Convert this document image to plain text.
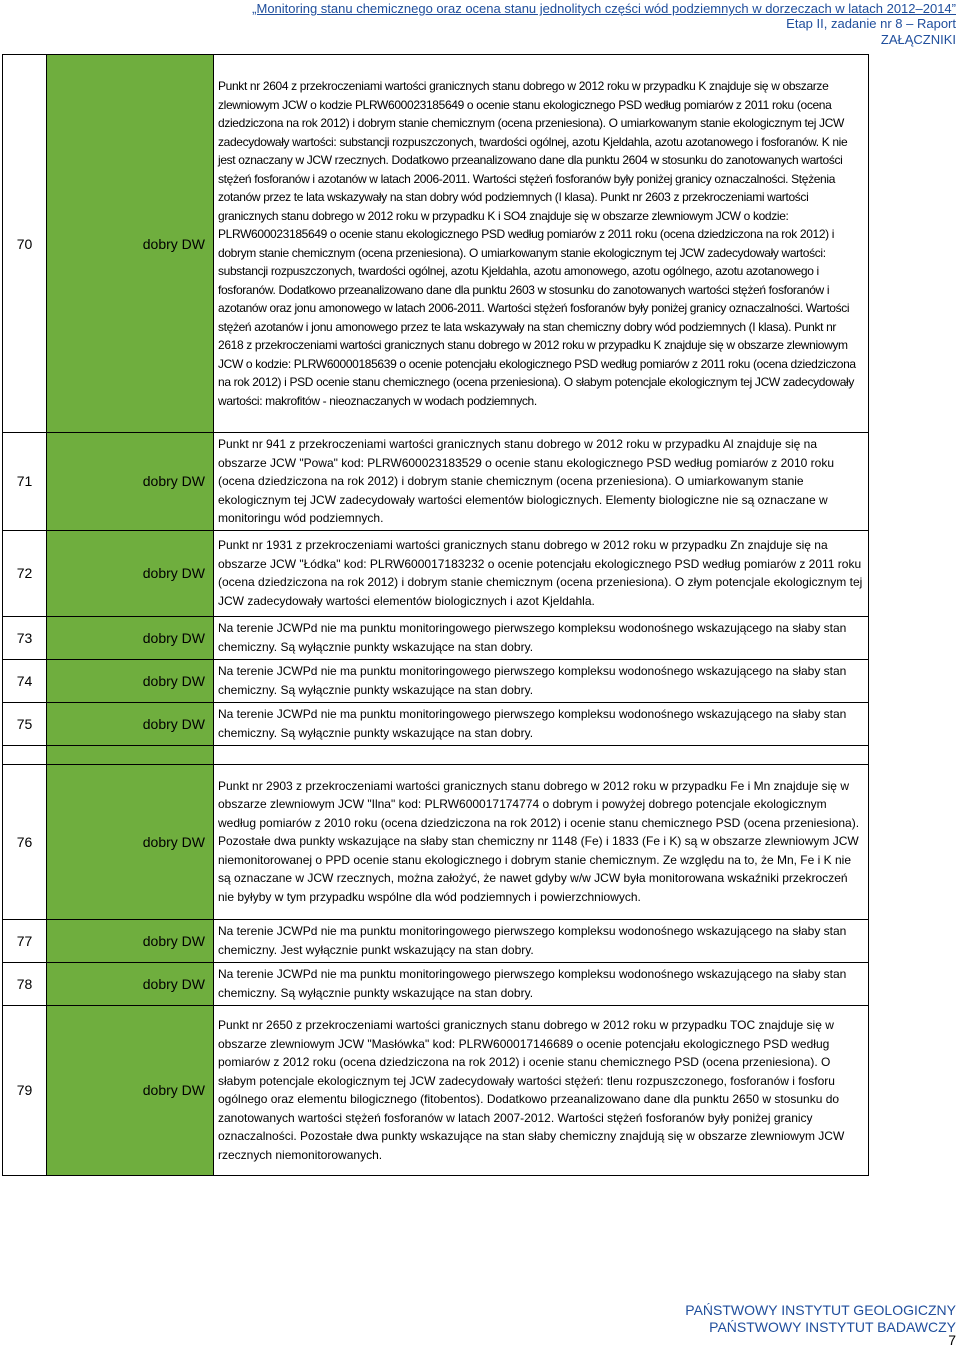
„Monitoring stanu chemicznego oraz ocena stanu jednolitych części wód podziemnych w dorzeczach w latach 2012–2014”
Etap II, zadanie nr 8 – Raport
ZAŁĄCZNIKI
70	dobry DW	Punkt nr 2604 z przekroczeniami wartości granicznych stanu dobrego w 2012 roku w przypadku K znajduje się w obszarze zlewniowym JCW o kodzie PLRW600023185649 o ocenie stanu ekologicznego PSD według pomiarów z 2011 roku (ocena dziedziczona na rok 2012) i dobrym stanie chemicznym (ocena przeniesiona). O umiarkowanym stanie ekologicznym tej JCW zadecydowały wartości: substancji rozpuszczonych, twardości ogólnej, azotu Kjeldahla, azotu azotanowego i fosforanów. K nie jest oznaczany w JCW rzecznych. Dodatkowo przeanalizowano dane dla punktu 2604 w stosunku do zanotowanych wartości stężeń fosforanów i azotanów w latach 2006-2011. Wartości stężeń fosforanów były poniżej granicy oznaczalności. Stężenia zotanów przez te lata wskazywały na stan dobry wód podziemnych (I klasa). Punkt nr 2603 z przekroczeniami wartości granicznych stanu dobrego w 2012 roku w przypadku K i SO4 znajduje się w obszarze zlewniowym JCW o kodzie: PLRW600023185649 o ocenie stanu ekologicznego PSD według pomiarów z 2011 roku (ocena dziedziczona na rok 2012) i dobrym stanie chemicznym (ocena przeniesiona). O umiarkowanym stanie ekologicznym tej JCW zadecydowały wartości: substancji rozpuszczonych, twardości ogólnej, azotu Kjeldahla, azotu amonowego, azotu ogólnego, azotu azotanowego i fosforanów. Dodatkowo przeanalizowano dane dla punktu 2603 w stosunku do zanotowanych wartości stężeń fosforanów i azotanów oraz jonu amonowego w latach 2006-2011. Wartości stężeń fosforanów były poniżej granicy oznaczalności. Wartości stężeń azotanów i jonu amonowego przez te lata wskazywały na stan chemiczny dobry wód podziemnych (I klasa). Punkt nr 2618 z przekroczeniami wartości granicznych stanu dobrego w 2012 roku w przypadku K znajduje się w obszarze zlewniowym JCW o kodzie: PLRW60000185639 o ocenie potencjału ekologicznego PSD według pomiarów z 2011 roku (ocena dziedziczona na rok 2012) i PSD ocenie stanu chemicznego (ocena przeniesiona). O słabym potencjale ekologicznym tej JCW zadecydowały wartości: makrofitów - nieoznaczanych w wodach podziemnych.
71	dobry DW	Punkt nr 941 z przekroczeniami wartości granicznych stanu dobrego w 2012 roku w przypadku Al znajduje się na obszarze JCW "Powa" kod: PLRW600023183529 o ocenie stanu ekologicznego PSD według pomiarów z 2010 roku (ocena dziedziczona na rok 2012) i dobrym stanie chemicznym (ocena przeniesiona). O umiarkowanym stanie ekologicznym tej JCW zadecydowały wartości elementów biologicznych. Elementy biologiczne nie są oznaczane w monitoringu wód podziemnych.
72	dobry DW	Punkt nr 1931 z przekroczeniami wartości granicznych stanu dobrego w 2012 roku w przypadku Zn znajduje się na obszarze JCW "Łódka" kod: PLRW600017183232 o ocenie potencjału ekologicznego PSD według pomiarów z 2011 roku (ocena dziedziczona na rok 2012) i dobrym stanie chemicznym (ocena przeniesiona). O złym potencjale ekologicznym tej JCW zadecydowały wartości elementów biologicznych i azot Kjeldahla.
73	dobry DW	Na terenie JCWPd nie ma punktu monitoringowego pierwszego kompleksu wodonośnego wskazującego na słaby stan chemiczny. Są wyłącznie punkty wskazujące na stan dobry.
74	dobry DW	Na terenie JCWPd nie ma punktu monitoringowego pierwszego kompleksu wodonośnego wskazującego na słaby stan chemiczny. Są wyłącznie punkty wskazujące na stan dobry.
75	dobry DW	Na terenie JCWPd nie ma punktu monitoringowego pierwszego kompleksu wodonośnego wskazującego na słaby stan chemiczny. Są wyłącznie punkty wskazujące na stan dobry.

76	dobry DW	Punkt nr 2903 z przekroczeniami wartości granicznych stanu dobrego w 2012 roku w przypadku Fe i Mn znajduje się w obszarze zlewniowym JCW "Ilna" kod: PLRW600017174774 o dobrym i powyżej dobrego potencjale ekologicznym według pomiarów z 2010 roku (ocena dziedziczona na rok 2012) i ocenie stanu chemicznego PSD (ocena przeniesiona). Pozostałe dwa punkty wskazujące na słaby stan chemiczny nr 1148 (Fe) i 1833 (Fe i K) są w obszarze zlewniowym JCW niemonitorowanej o PPD ocenie stanu ekologicznego i dobrym stanie chemicznym. Ze względu na to, że Mn, Fe i K nie są oznaczane w JCW rzecznych, można założyć, że nawet gdyby w/w JCW była monitorowana wskaźniki przekroczeń nie byłyby w tym przypadku wspólne dla wód podziemnych i powierzchniowych.
77	dobry DW	Na terenie JCWPd nie ma punktu monitoringowego pierwszego kompleksu wodonośnego wskazującego na słaby stan chemiczny. Jest wyłącznie punkt wskazujący na stan dobry.
78	dobry DW	Na terenie JCWPd nie ma punktu monitoringowego pierwszego kompleksu wodonośnego wskazującego na słaby stan chemiczny. Są wyłącznie punkty wskazujące na stan dobry.
79	dobry DW	Punkt nr 2650 z przekroczeniami wartości granicznych stanu dobrego w 2012 roku w przypadku TOC znajduje się w obszarze zlewniowym JCW "Masłówka" kod: PLRW600017146689 o ocenie potencjału ekologicznego PSD według pomiarów z 2012 roku (ocena dziedziczona na rok 2012) i ocenie stanu chemicznego PSD (ocena przeniesiona). O słabym potencjale ekologicznym tej JCW zadecydowały wartości stężeń: tlenu rozpuszczonego, fosforanów i fosforu ogólnego oraz elementu bilogicznego (fitobentos). Dodatkowo przeanalizowano dane dla punktu 2650 w stosunku do zanotowanych wartości stężeń fosforanów w latach 2007-2012. Wartości stężeń fosforanów były poniżej granicy oznaczalności. Pozostałe dwa punkty wskazujące na stan słaby chemiczny znajdują się w obszarze zlewniowym JCW rzecznych niemonitorowanych.
PAŃSTWOWY INSTYTUT GEOLOGICZNY
PAŃSTWOWY INSTYTUT BADAWCZY
7
